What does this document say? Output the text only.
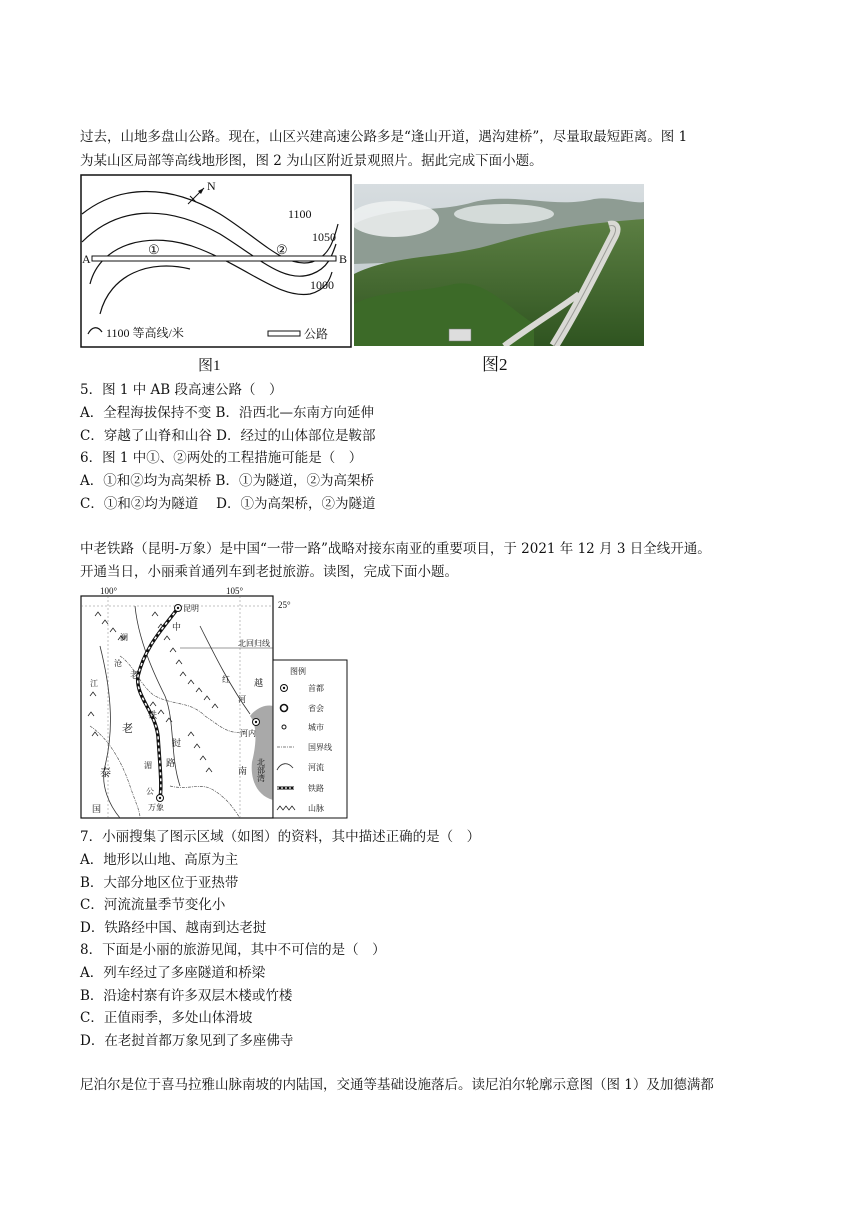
过去，山地多盘山公路。现在，山区兴建高速公路多是“逢山开道，遇沟建桥”，尽量取最短距离。图 1
为某山区局部等高线地形图，图 2 为山区附近景观照片。据此完成下面小题。
N
1100
1050
1000
A	B
①	②
1100 等高线/米	公路
图1	图2
5．图 1 中 AB 段高速公路（　）
A．全程海拔保持不变 B．沿西北—东南方向延伸
C．穿越了山脊和山谷 D．经过的山体部位是鞍部
6．图 1 中①、②两处的工程措施可能是（　）
A．①和②均为高架桥 B．①为隧道，②为高架桥
C．①和②均为隧道　 D．①为高架桥，②为隧道
中老铁路（昆明-万象）是中国“一带一路”战略对接东南亚的重要项目，于 2021 年 12 月 3 日全线开通。
开通当日，小丽乘首通列车到老挝旅游。读图，完成下面小题。
100°	105°
25°
北回归线
北部湾
昆明
河内
万象
中
老
铁
路
老
挝
泰
国
越
南
澜
沧
江	红
河
湄
公
图例
首都
省会
城市
国界线
河流
铁路
山脉
7．小丽搜集了图示区域（如图）的资料，其中描述正确的是（　）
A．地形以山地、高原为主
B．大部分地区位于亚热带
C．河流流量季节变化小
D．铁路经中国、越南到达老挝
8．下面是小丽的旅游见闻，其中不可信的是（　）
A．列车经过了多座隧道和桥梁
B．沿途村寨有许多双层木楼或竹楼
C．正值雨季，多处山体滑坡
D．在老挝首都万象见到了多座佛寺
尼泊尔是位于喜马拉雅山脉南坡的内陆国，交通等基础设施落后。读尼泊尔轮廓示意图（图 1）及加德满都
